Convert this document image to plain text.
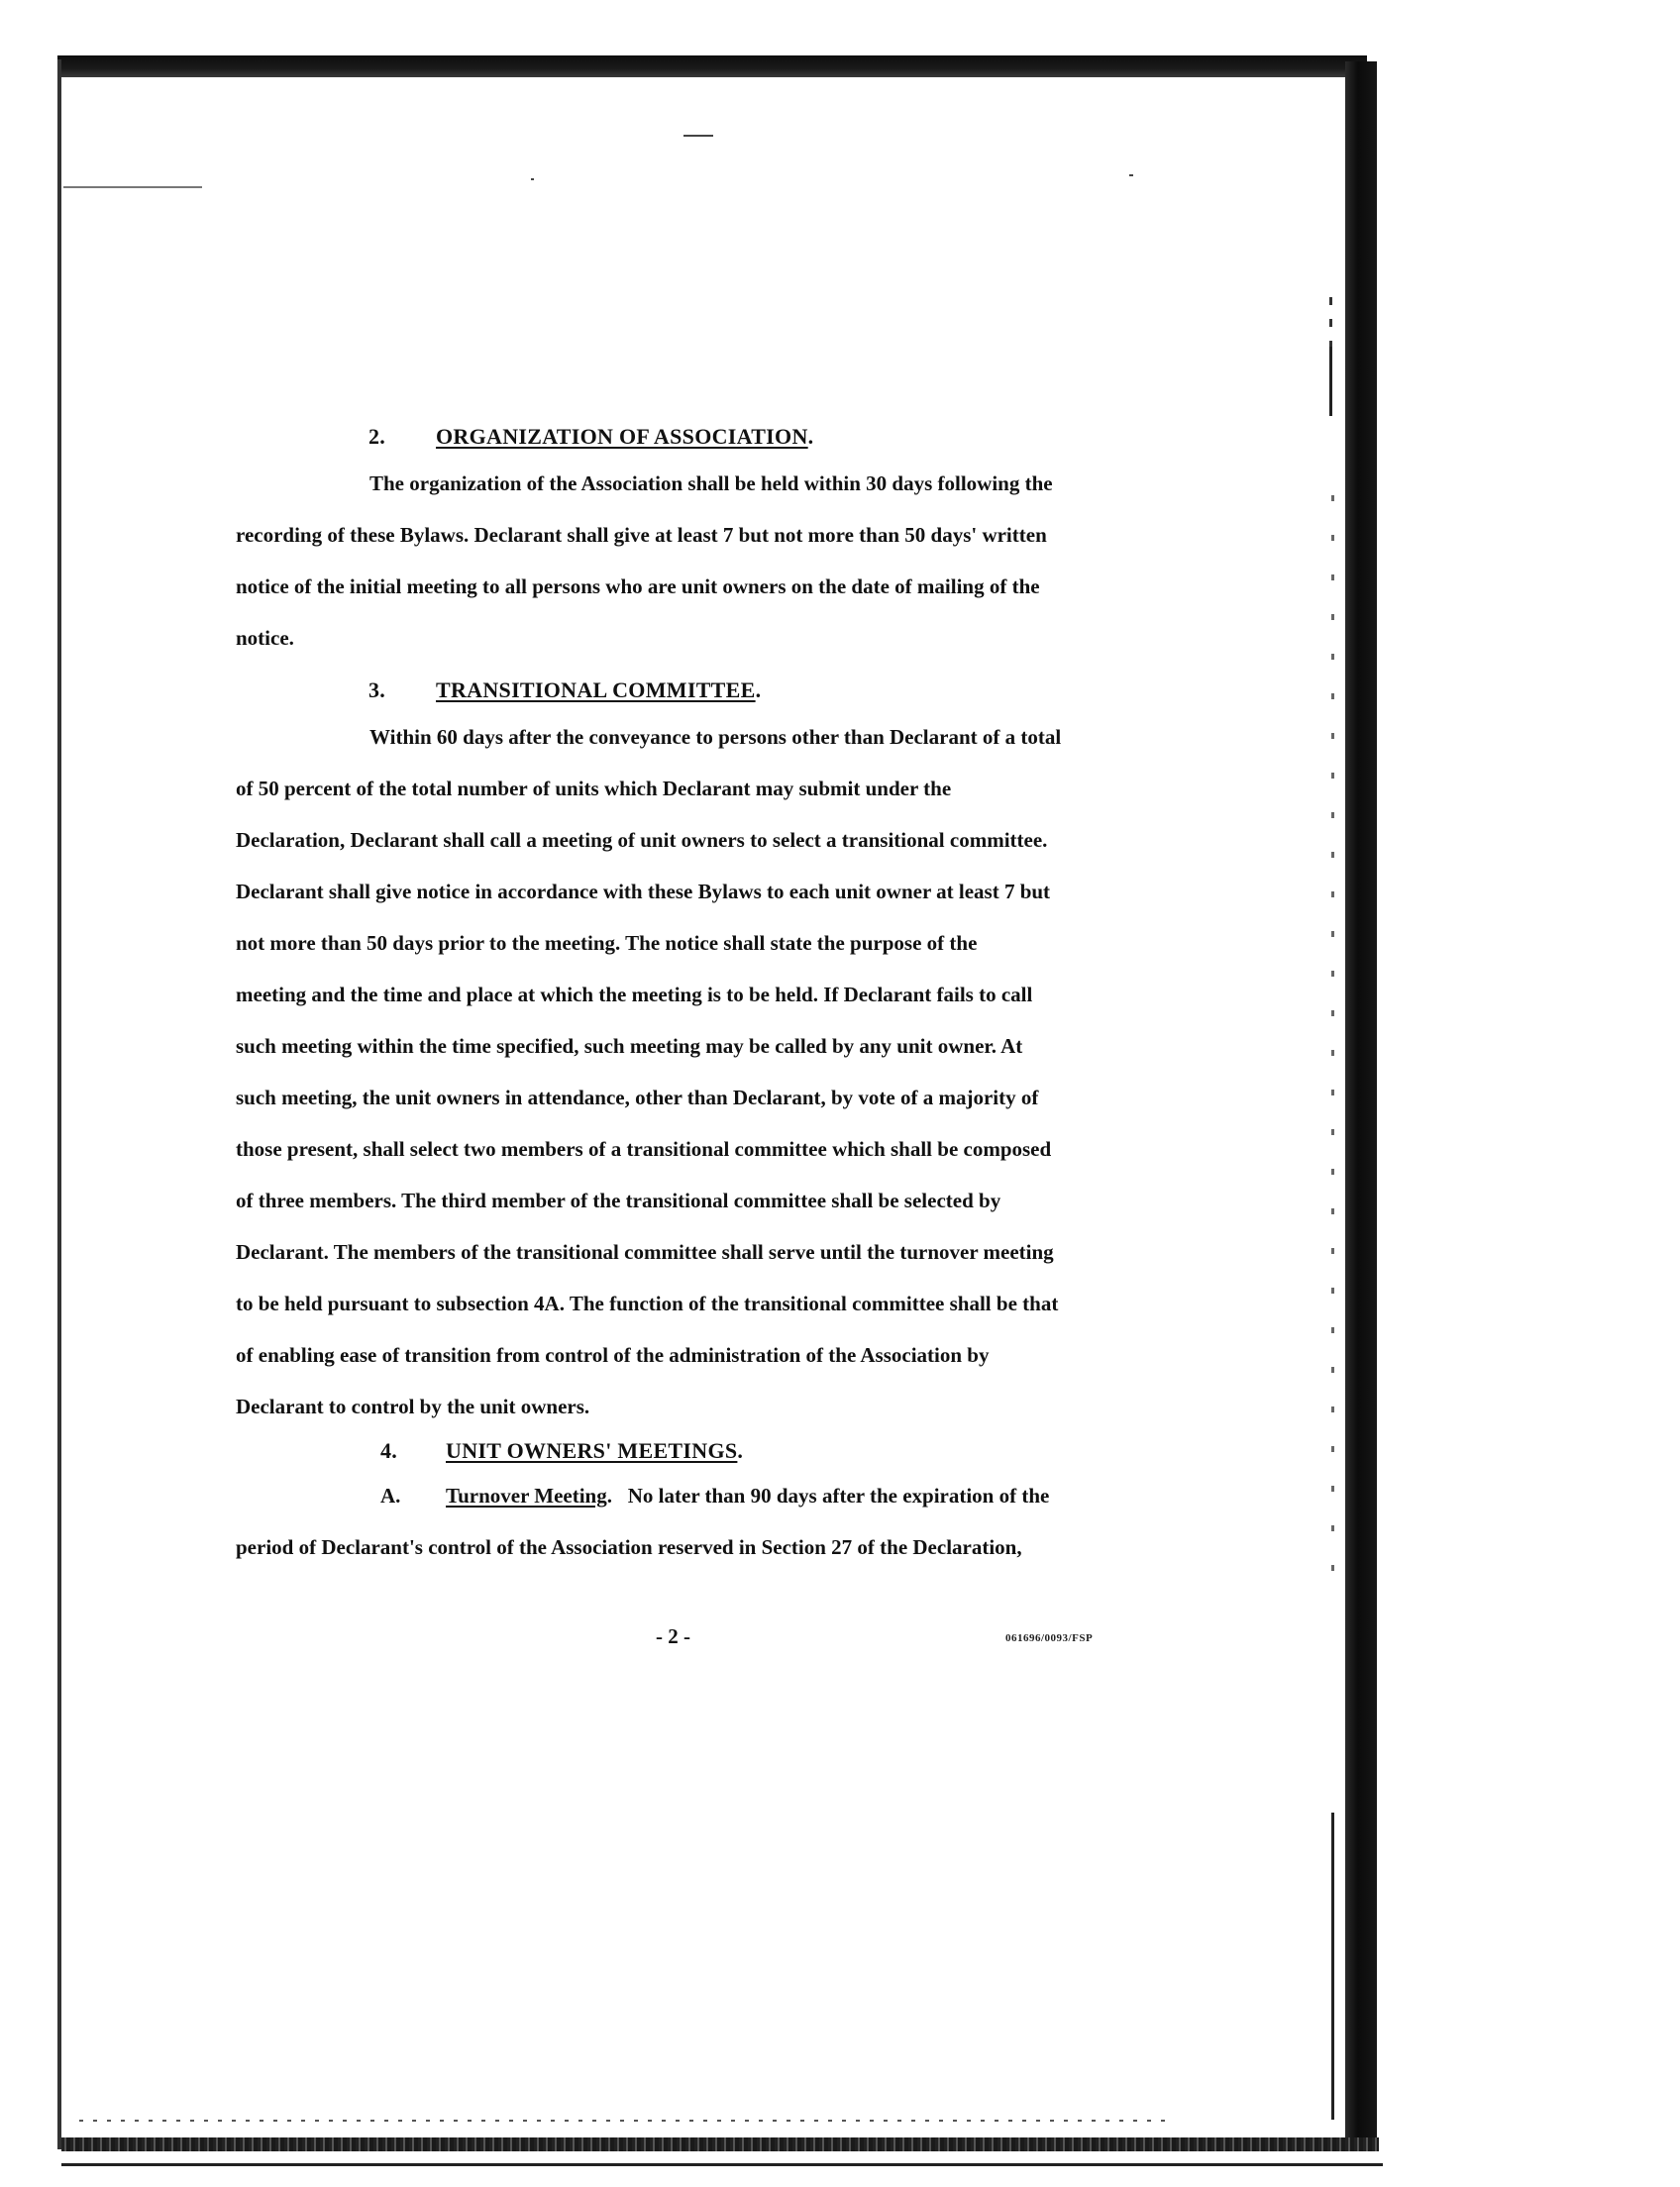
2. ORGANIZATION OF ASSOCIATION.
The organization of the Association shall be held within 30 days following the
recording of these Bylaws. Declarant shall give at least 7 but not more than 50 days' written
notice of the initial meeting to all persons who are unit owners on the date of mailing of the
notice.
3. TRANSITIONAL COMMITTEE.
Within 60 days after the conveyance to persons other than Declarant of a total
of 50 percent of the total number of units which Declarant may submit under the
Declaration, Declarant shall call a meeting of unit owners to select a transitional committee.
Declarant shall give notice in accordance with these Bylaws to each unit owner at least 7 but
not more than 50 days prior to the meeting. The notice shall state the purpose of the
meeting and the time and place at which the meeting is to be held. If Declarant fails to call
such meeting within the time specified, such meeting may be called by any unit owner. At
such meeting, the unit owners in attendance, other than Declarant, by vote of a majority of
those present, shall select two members of a transitional committee which shall be composed
of three members. The third member of the transitional committee shall be selected by
Declarant. The members of the transitional committee shall serve until the turnover meeting
to be held pursuant to subsection 4A. The function of the transitional committee shall be that
of enabling ease of transition from control of the administration of the Association by
Declarant to control by the unit owners.
4. UNIT OWNERS' MEETINGS.
A. Turnover Meeting.   No later than 90 days after the expiration of the
period of Declarant's control of the Association reserved in Section 27 of the Declaration,
- 2 -	061696/0093/FSP
